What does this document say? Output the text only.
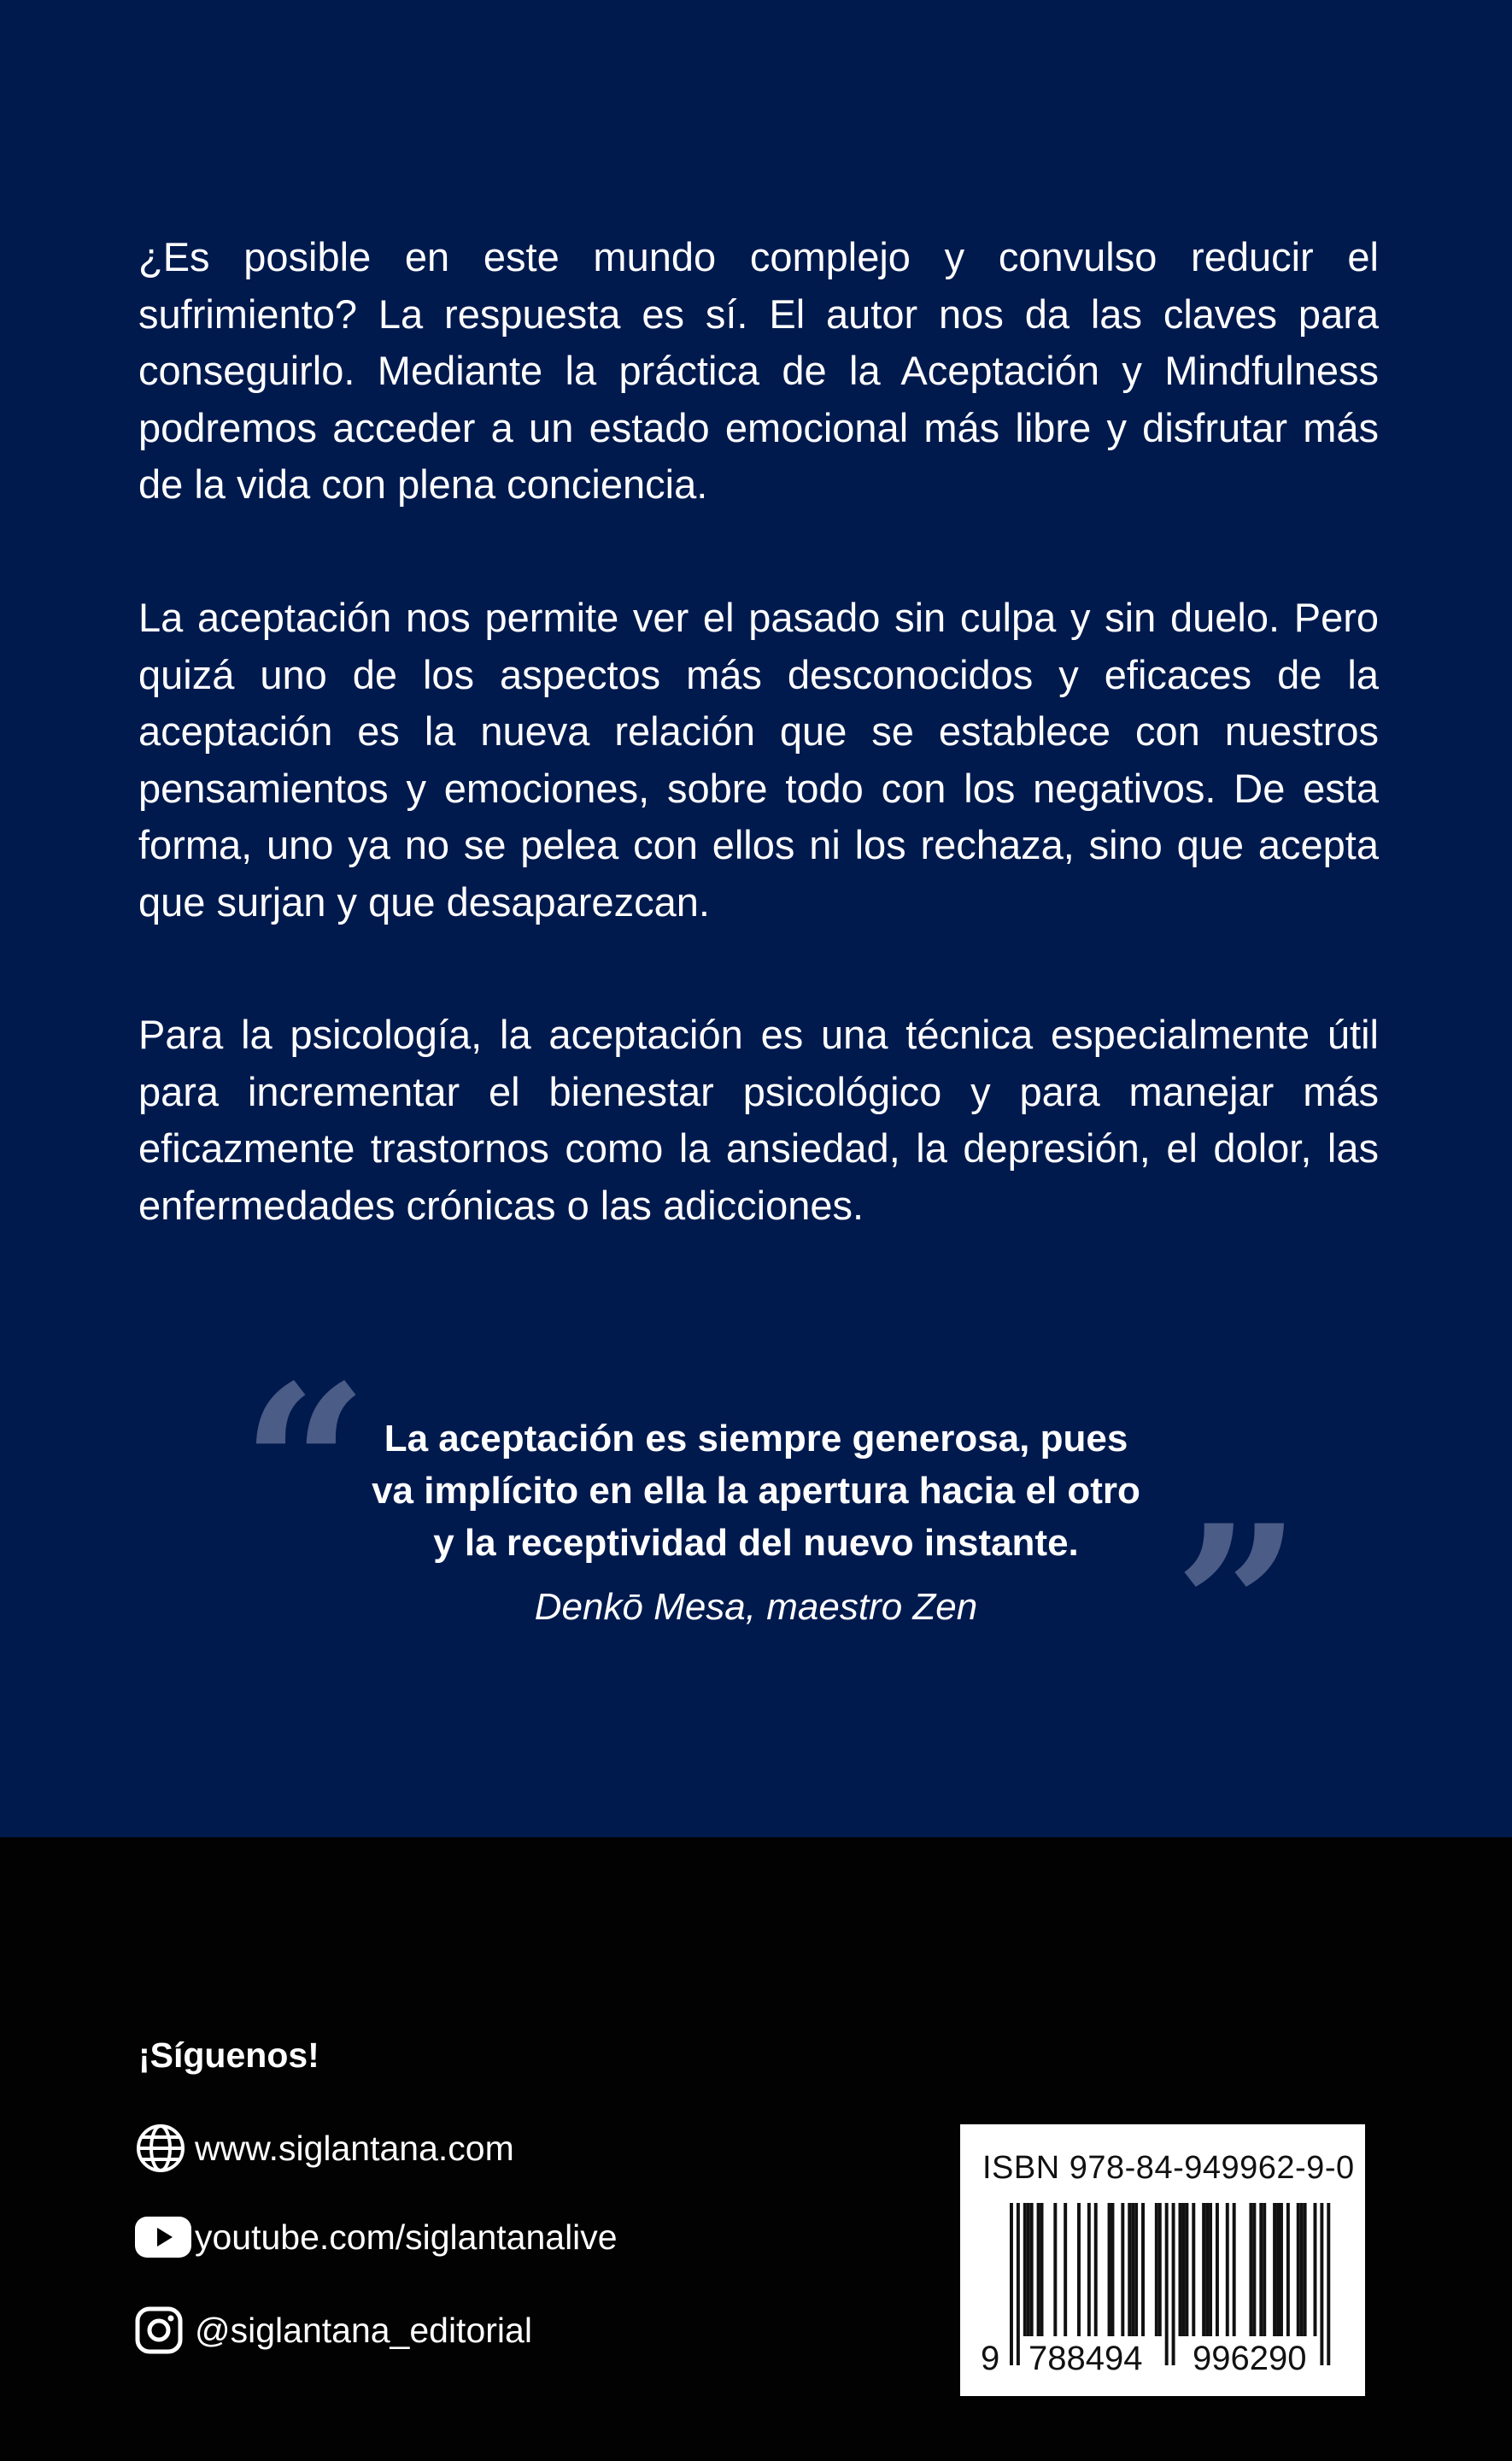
¿Es posible en este mundo complejo y convulso reducir el sufrimiento? La respuesta es sí. El autor nos da las claves para conseguirlo. Mediante la práctica de la Aceptación y Mindfulness podremos acceder a un estado emocional más libre y disfrutar más de la vida con plena conciencia.

La aceptación nos permite ver el pasado sin culpa y sin duelo. Pero quizá uno de los aspectos más desconocidos y eficaces de la aceptación es la nueva relación que se establece con nuestros pensamientos y emociones, sobre todo con los negativos. De esta forma, uno ya no se pelea con ellos ni los rechaza, sino que acepta que surjan y que desaparezcan.

Para la psicología, la aceptación es una técnica especialmente útil para incrementar el bienestar psicológico y para manejar más eficazmente trastornos como la ansiedad, la depresión, el dolor, las enfermedades crónicas o las adicciones.

“
”
La aceptación es siempre generosa, pues
va implícito en ella la apertura hacia el otro
y la receptividad del nuevo instante.
Denkō Mesa, maestro Zen
¡Síguenos!
www.siglantana.com
youtube.com/siglantanalive
@siglantana_editorial
ISBN 978-84-949962-9-0
9 788494 996290
